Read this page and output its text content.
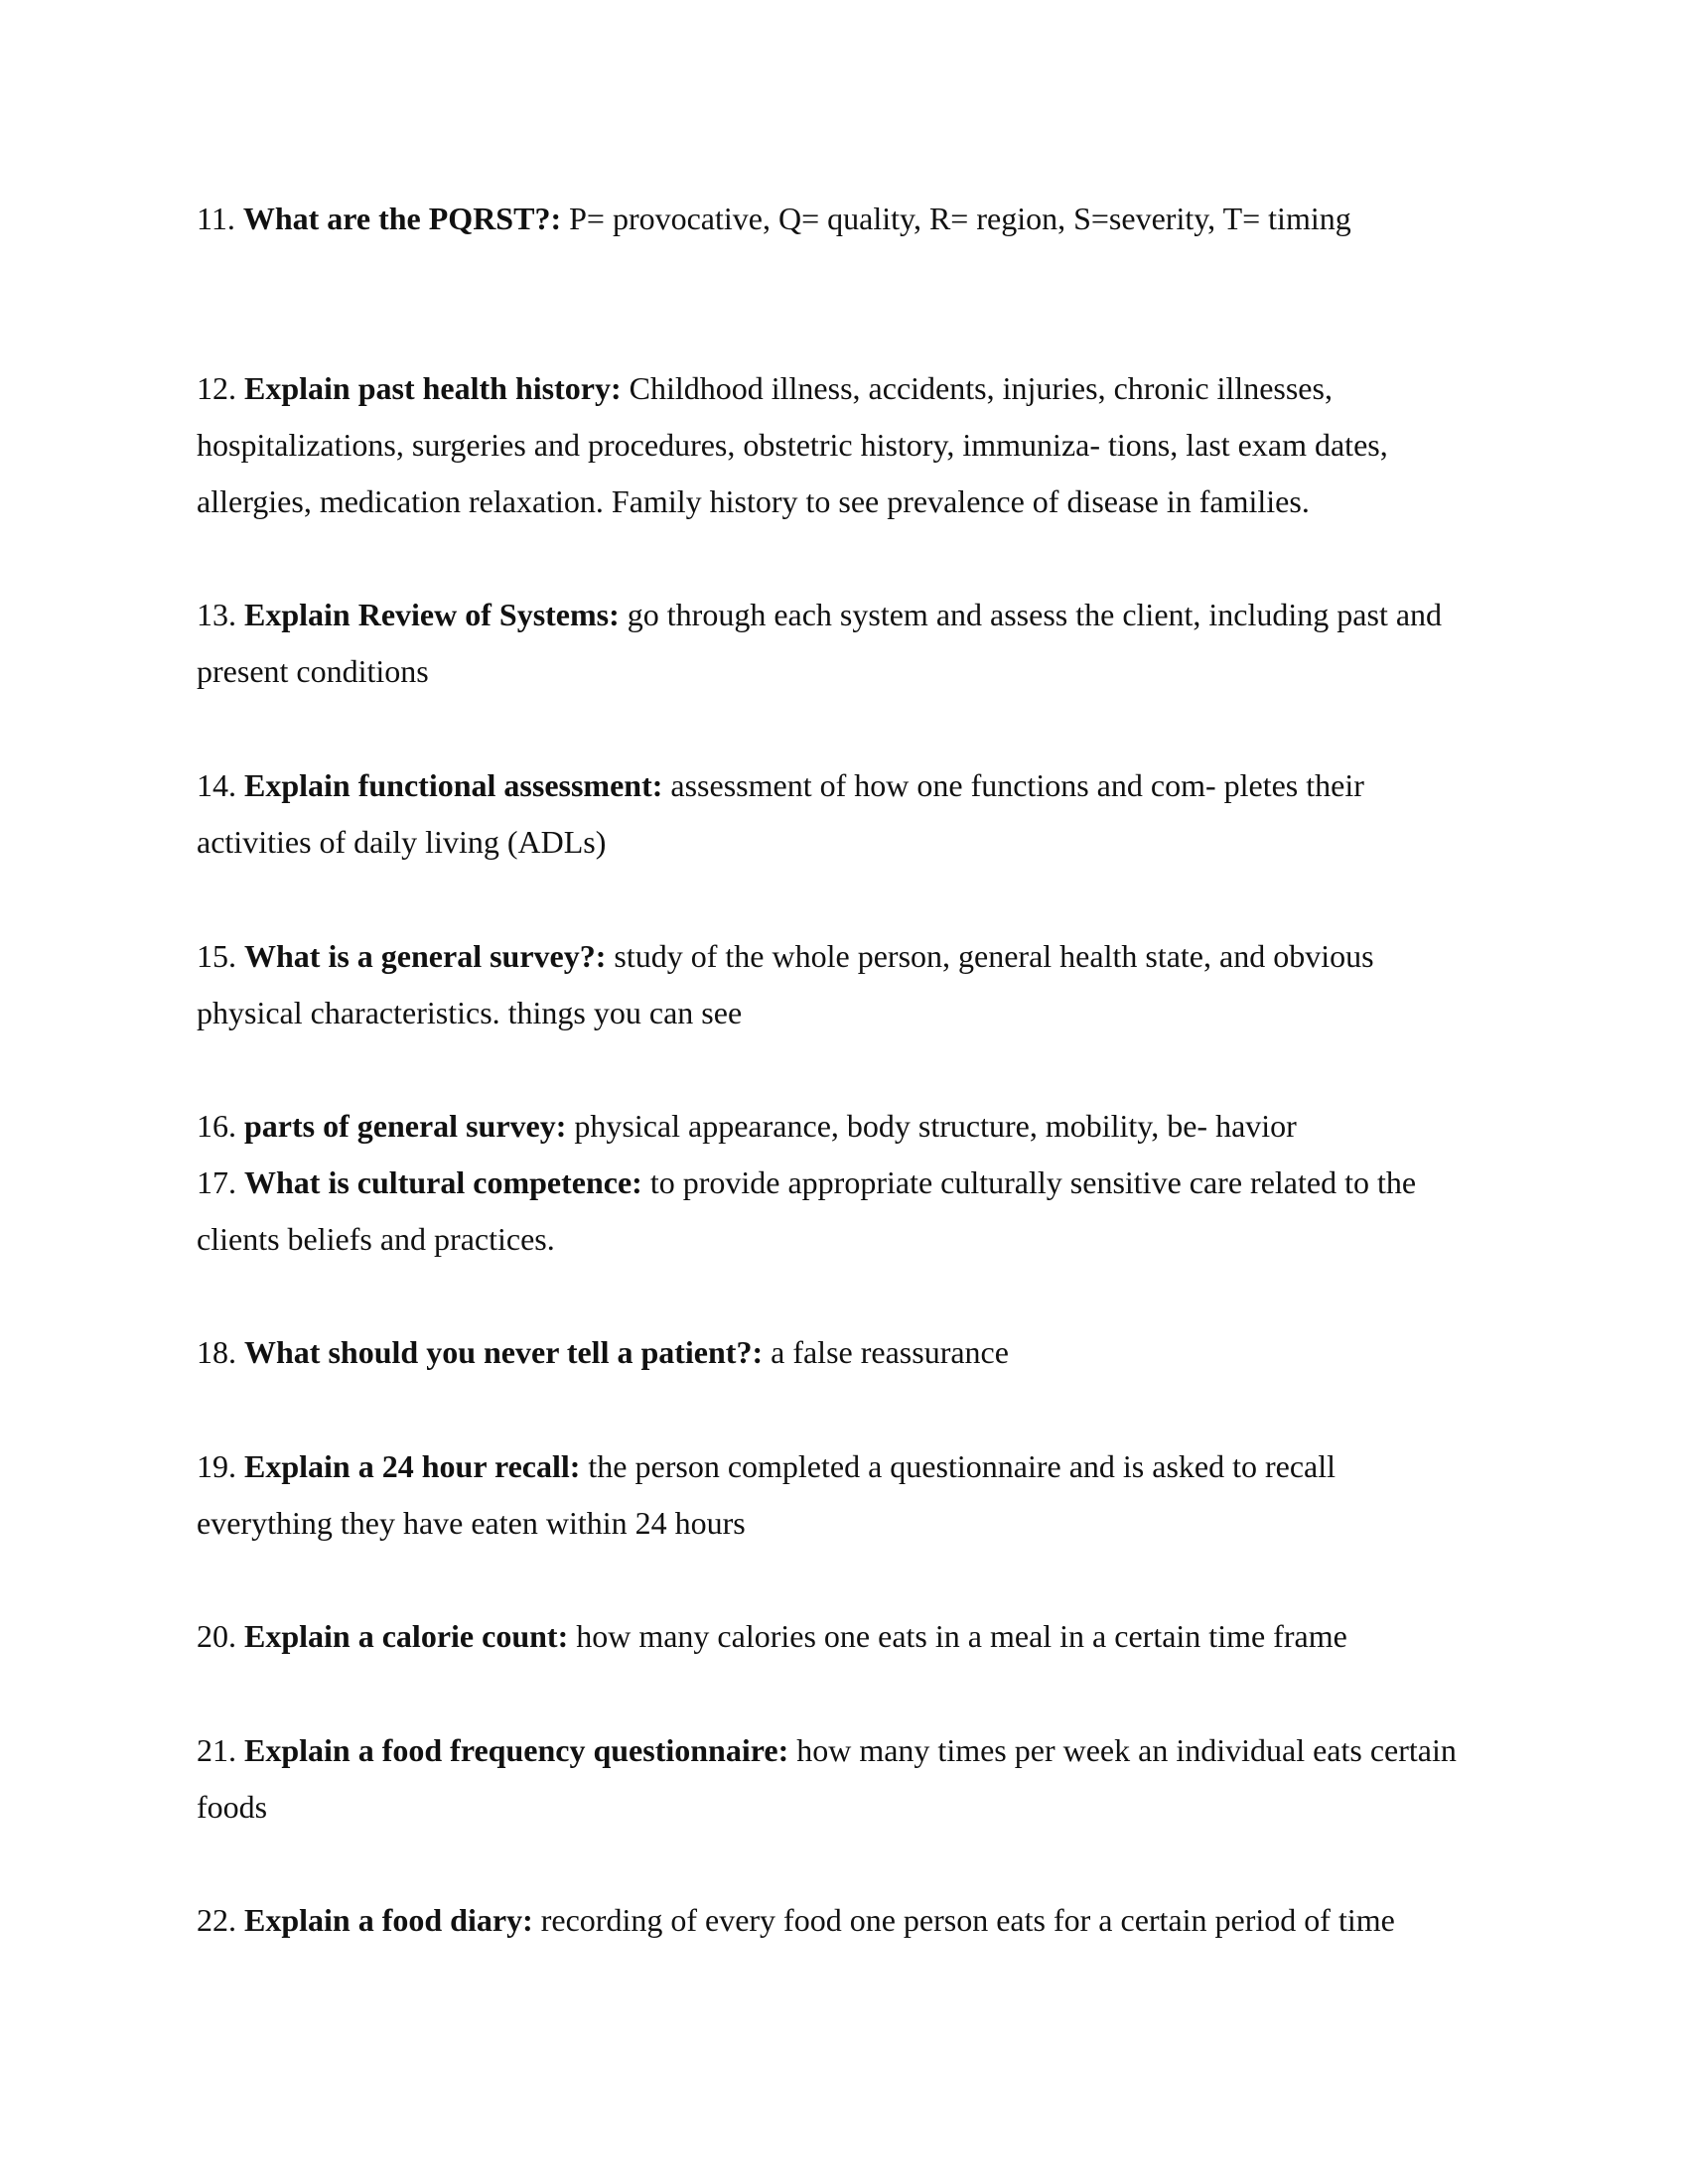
11. What are the PQRST?: P= provocative, Q= quality, R= region, S=severity, T= timing

12. Explain past health history: Childhood illness, accidents, injuries, chronic illnesses, hospitalizations, surgeries and procedures, obstetric history, immuniza- tions, last exam dates, allergies, medication relaxation. Family history to see prevalence of disease in families.

13. Explain Review of Systems: go through each system and assess the client, including past and present conditions

14. Explain functional assessment: assessment of how one functions and com- pletes their activities of daily living (ADLs)

15. What is a general survey?: study of the whole person, general health state, and obvious physical characteristics. things you can see

16. parts of general survey: physical appearance, body structure, mobility, be- havior

17. What is cultural competence: to provide appropriate culturally sensitive care related to the clients beliefs and practices.

18. What should you never tell a patient?: a false reassurance

19. Explain a 24 hour recall: the person completed a questionnaire and is asked to recall everything they have eaten within 24 hours

20. Explain a calorie count: how many calories one eats in a meal in a certain time frame

21. Explain a food frequency questionnaire: how many times per week an individual eats certain foods

22. Explain a food diary: recording of every food one person eats for a certain period of time
